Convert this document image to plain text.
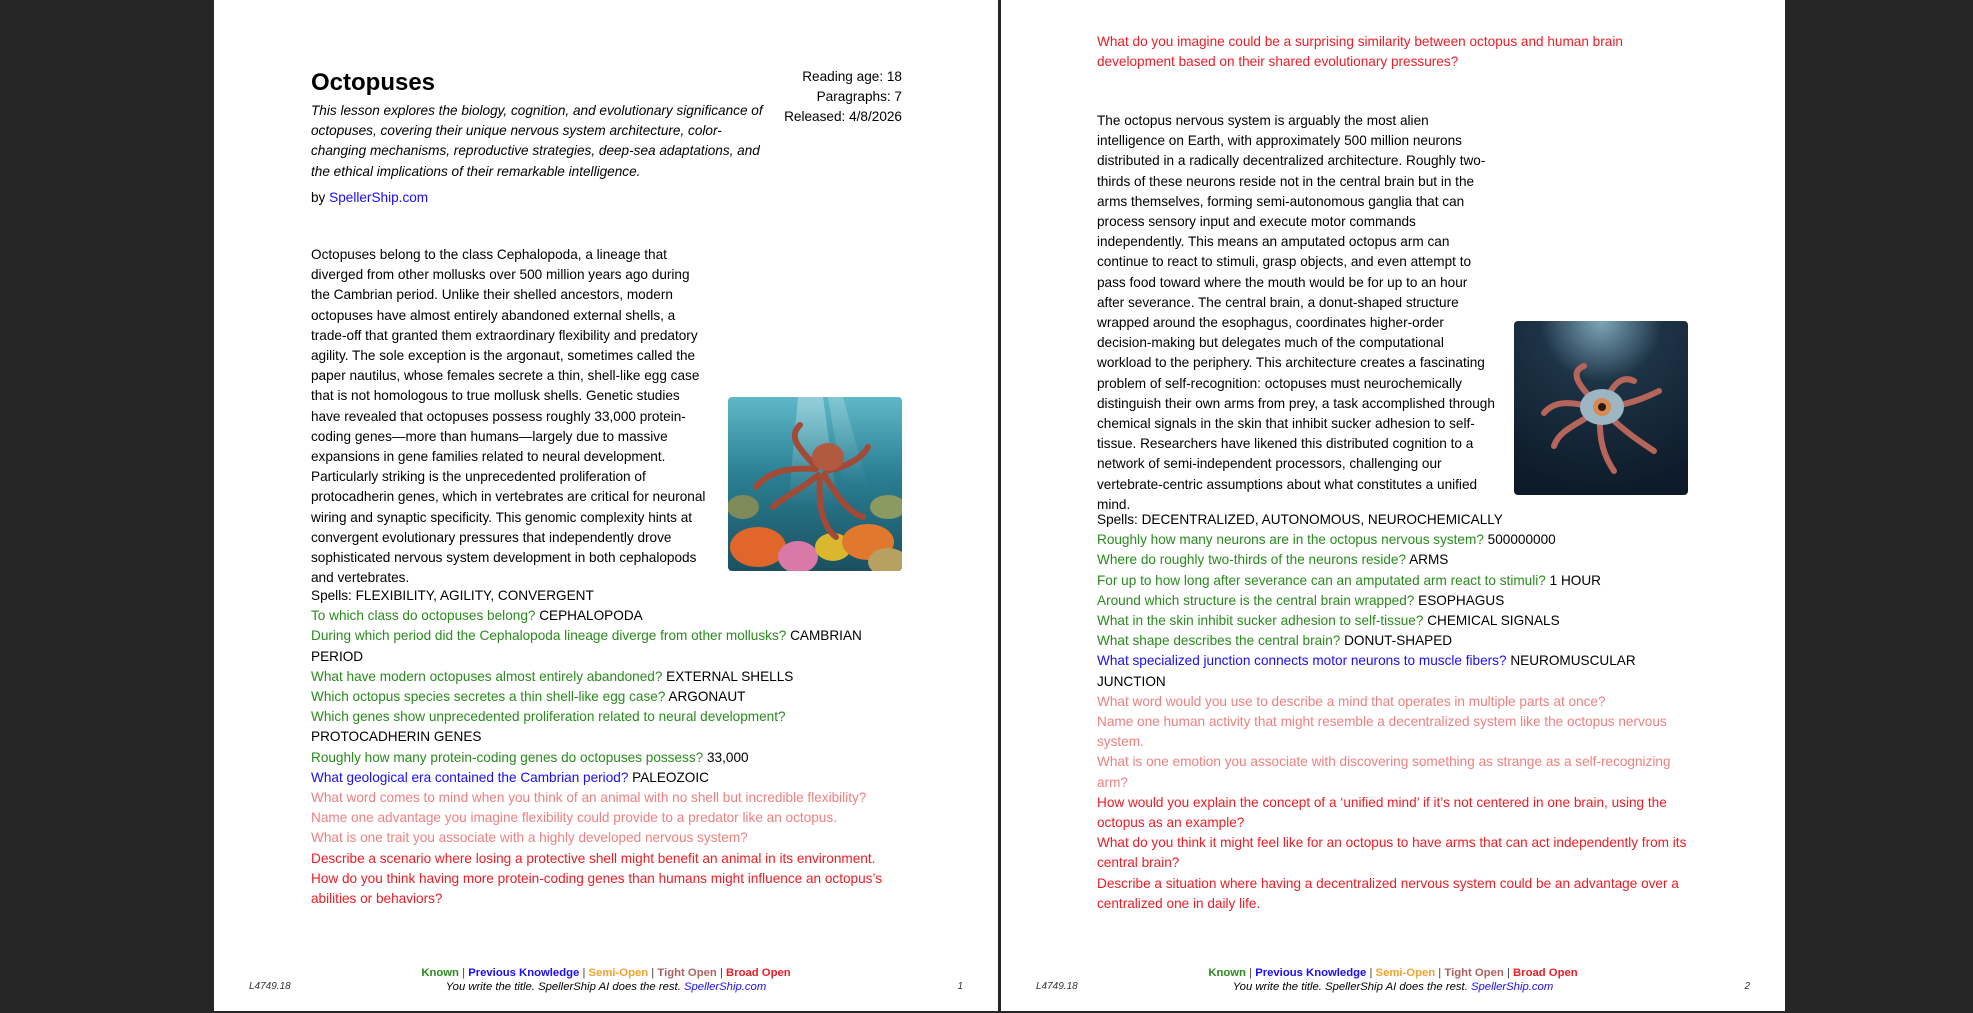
Octopuses
This lesson explores the biology, cognition, and evolutionary significance of octopuses, covering their unique nervous system architecture, color-changing mechanisms, reproductive strategies, deep-sea adaptations, and the ethical implications of their remarkable intelligence.
by SpellerShip.com
Reading age: 18
Paragraphs: 7
Released: 4/8/2026
Octopuses belong to the class Cephalopoda, a lineage that diverged from other mollusks over 500 million years ago during the Cambrian period. Unlike their shelled ancestors, modern octopuses have almost entirely abandoned external shells, a trade-off that granted them extraordinary flexibility and predatory agility. The sole exception is the argonaut, sometimes called the paper nautilus, whose females secrete a thin, shell-like egg case that is not homologous to true mollusk shells. Genetic studies have revealed that octopuses possess roughly 33,000 protein-coding genes—more than humans—largely due to massive expansions in gene families related to neural development. Particularly striking is the unprecedented proliferation of protocadherin genes, which in vertebrates are critical for neuronal wiring and synaptic specificity. This genomic complexity hints at convergent evolutionary pressures that independently drove sophisticated nervous system development in both cephalopods and vertebrates.
Spells: FLEXIBILITY, AGILITY, CONVERGENT
To which class do octopuses belong? CEPHALOPODA
During which period did the Cephalopoda lineage diverge from other mollusks? CAMBRIAN PERIOD
What have modern octopuses almost entirely abandoned? EXTERNAL SHELLS
Which octopus species secretes a thin shell-like egg case? ARGONAUT
Which genes show unprecedented proliferation related to neural development? PROTOCADHERIN GENES
Roughly how many protein-coding genes do octopuses possess? 33,000
What geological era contained the Cambrian period? PALEOZOIC
What word comes to mind when you think of an animal with no shell but incredible flexibility?
Name one advantage you imagine flexibility could provide to a predator like an octopus.
What is one trait you associate with a highly developed nervous system?
Describe a scenario where losing a protective shell might benefit an animal in its environment.
How do you think having more protein-coding genes than humans might influence an octopus’s abilities or behaviors?
Known | Previous Knowledge | Semi-Open | Tight Open | Broad Open
You write the title. SpellerShip AI does the rest. SpellerShip.com
L4749.18	1
What do you imagine could be a surprising similarity between octopus and human brain development based on their shared evolutionary pressures?
The octopus nervous system is arguably the most alien intelligence on Earth, with approximately 500 million neurons distributed in a radically decentralized architecture. Roughly two-thirds of these neurons reside not in the central brain but in the arms themselves, forming semi-autonomous ganglia that can process sensory input and execute motor commands independently. This means an amputated octopus arm can continue to react to stimuli, grasp objects, and even attempt to pass food toward where the mouth would be for up to an hour after severance. The central brain, a donut-shaped structure wrapped around the esophagus, coordinates higher-order decision-making but delegates much of the computational workload to the periphery. This architecture creates a fascinating problem of self-recognition: octopuses must neurochemically distinguish their own arms from prey, a task accomplished through chemical signals in the skin that inhibit sucker adhesion to self-tissue. Researchers have likened this distributed cognition to a network of semi-independent processors, challenging our vertebrate-centric assumptions about what constitutes a unified mind.
Spells: DECENTRALIZED, AUTONOMOUS, NEUROCHEMICALLY
Roughly how many neurons are in the octopus nervous system? 500000000
Where do roughly two-thirds of the neurons reside? ARMS
For up to how long after severance can an amputated arm react to stimuli? 1 HOUR
Around which structure is the central brain wrapped? ESOPHAGUS
What in the skin inhibit sucker adhesion to self-tissue? CHEMICAL SIGNALS
What shape describes the central brain? DONUT-SHAPED
What specialized junction connects motor neurons to muscle fibers? NEUROMUSCULAR JUNCTION
What word would you use to describe a mind that operates in multiple parts at once?
Name one human activity that might resemble a decentralized system like the octopus nervous system.
What is one emotion you associate with discovering something as strange as a self-recognizing arm?
How would you explain the concept of a ‘unified mind’ if it’s not centered in one brain, using the octopus as an example?
What do you think it might feel like for an octopus to have arms that can act independently from its central brain?
Describe a situation where having a decentralized nervous system could be an advantage over a centralized one in daily life.
Known | Previous Knowledge | Semi-Open | Tight Open | Broad Open
You write the title. SpellerShip AI does the rest. SpellerShip.com
L4749.18	2
